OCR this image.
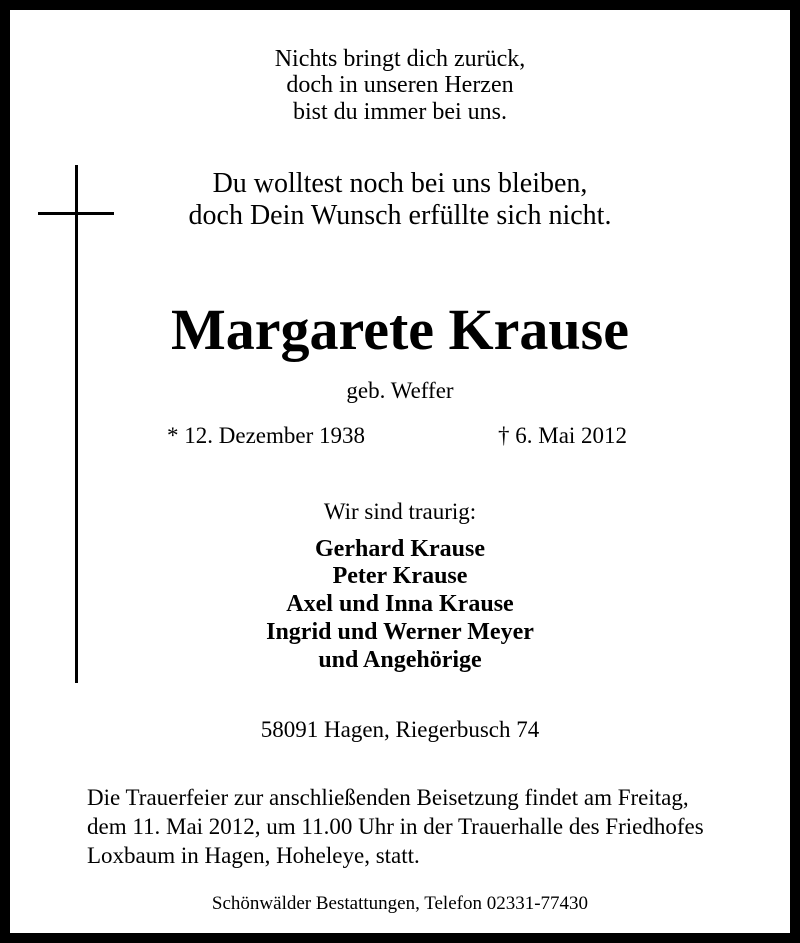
Nichts bringt dich zurück,
doch in unseren Herzen
bist du immer bei uns.
Du wolltest noch bei uns bleiben,
doch Dein Wunsch erfüllte sich nicht.
Margarete Krause
geb. Weffer
* 12. Dezember 1938	† 6. Mai 2012
Wir sind traurig:
Gerhard Krause
Peter Krause
Axel und Inna Krause
Ingrid und Werner Meyer
und Angehörige
58091 Hagen, Riegerbusch 74
Die Trauerfeier zur anschließenden Beisetzung findet am Freitag,
dem 11. Mai 2012, um 11.00 Uhr in der Trauerhalle des Friedhofes
Loxbaum in Hagen, Hoheleye, statt.
Schönwälder Bestattungen, Telefon 02331-77430
